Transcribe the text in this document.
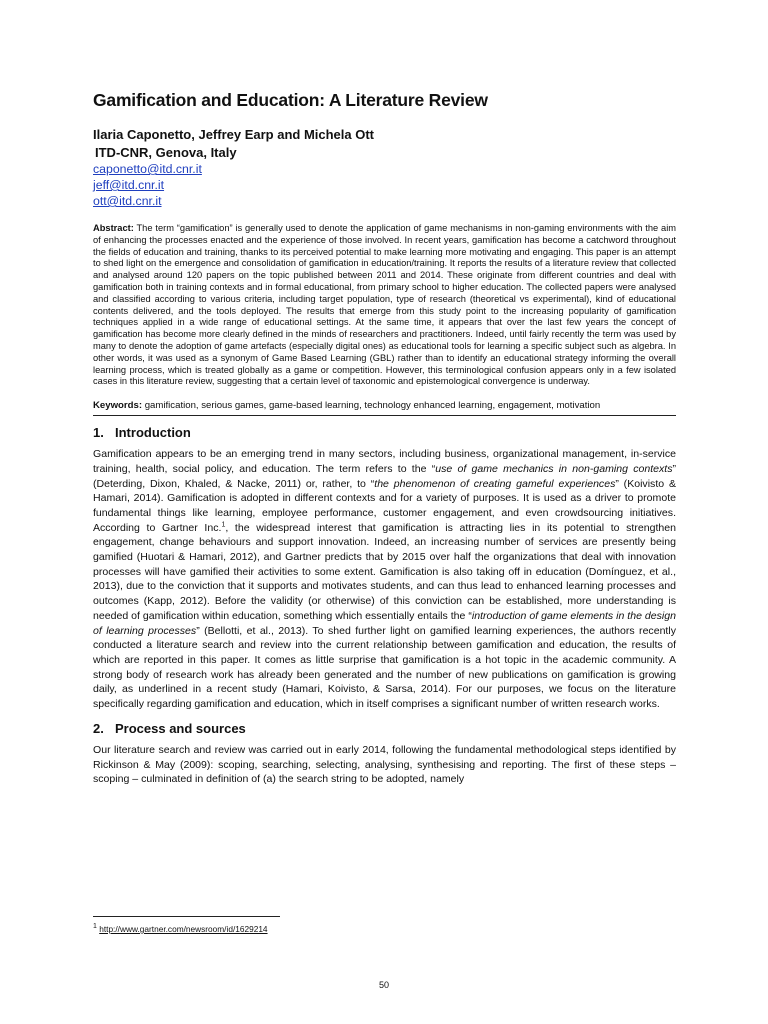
Gamification and Education: A Literature Review
Ilaria Caponetto, Jeffrey Earp and Michela Ott
ITD-CNR, Genova, Italy
caponetto@itd.cnr.it
jeff@itd.cnr.it
ott@itd.cnr.it
Abstract: The term “gamification” is generally used to denote the application of game mechanisms in non-gaming environments with the aim of enhancing the processes enacted and the experience of those involved. In recent years, gamification has become a catchword throughout the fields of education and training, thanks to its perceived potential to make learning more motivating and engaging. This paper is an attempt to shed light on the emergence and consolidation of gamification in education/training. It reports the results of a literature review that collected and analysed around 120 papers on the topic published between 2011 and 2014. These originate from different countries and deal with gamification both in training contexts and in formal educational, from primary school to higher education. The collected papers were analysed and classified according to various criteria, including target population, type of research (theoretical vs experimental), kind of educational contents delivered, and the tools deployed. The results that emerge from this study point to the increasing popularity of gamification techniques applied in a wide range of educational settings. At the same time, it appears that over the last few years the concept of gamification has become more clearly defined in the minds of researchers and practitioners. Indeed, until fairly recently the term was used by many to denote the adoption of game artefacts (especially digital ones) as educational tools for learning a specific subject such as algebra. In other words, it was used as a synonym of Game Based Learning (GBL) rather than to identify an educational strategy informing the overall learning process, which is treated globally as a game or competition. However, this terminological confusion appears only in a few isolated cases in this literature review, suggesting that a certain level of taxonomic and epistemological convergence is underway.
Keywords: gamification, serious games, game-based learning, technology enhanced learning, engagement, motivation
1. Introduction

Gamification appears to be an emerging trend in many sectors, including business, organizational management, in-service training, health, social policy, and education. The term refers to the “use of game mechanics in non-gaming contexts” (Deterding, Dixon, Khaled, & Nacke, 2011) or, rather, to “the phenomenon of creating gameful experiences” (Koivisto & Hamari, 2014). Gamification is adopted in different contexts and for a variety of purposes. It is used as a driver to promote fundamental things like learning, employee performance, customer engagement, and even crowdsourcing initiatives. According to Gartner Inc.$^1$, the widespread interest that gamification is attracting lies in its potential to strengthen engagement, change behaviours and support innovation. Indeed, an increasing number of services are presently being gamified (Huotari & Hamari, 2012), and Gartner predicts that by 2015 over half the organizations that deal with innovation processes will have gamified their activities to some extent. Gamification is also taking off in education (Domínguez, et al., 2013), due to the conviction that it supports and motivates students, and can thus lead to enhanced learning processes and outcomes (Kapp, 2012). Before the validity (or otherwise) of this conviction can be established, more understanding is needed of gamification within education, something which essentially entails the “introduction of game elements in the design of learning processes” (Bellotti, et al., 2013). To shed further light on gamified learning experiences, the authors recently conducted a literature search and review into the current relationship between gamification and education, the results of which are reported in this paper. It comes as little surprise that gamification is a hot topic in the academic community. A strong body of research work has already been generated and the number of new publications on gamification is growing daily, as underlined in a recent study (Hamari, Koivisto, & Sarsa, 2014). For our purposes, we focus on the literature specifically regarding gamification and education, which in itself comprises a significant number of written research works.

2. Process and sources

Our literature search and review was carried out in early 2014, following the fundamental methodological steps identified by Rickinson & May (2009): scoping, searching, selecting, analysing, synthesising and reporting. The first of these steps – scoping – culminated in definition of (a) the search string to be adopted, namely

$^1$ http://www.gartner.com/newsroom/id/1629214
50
